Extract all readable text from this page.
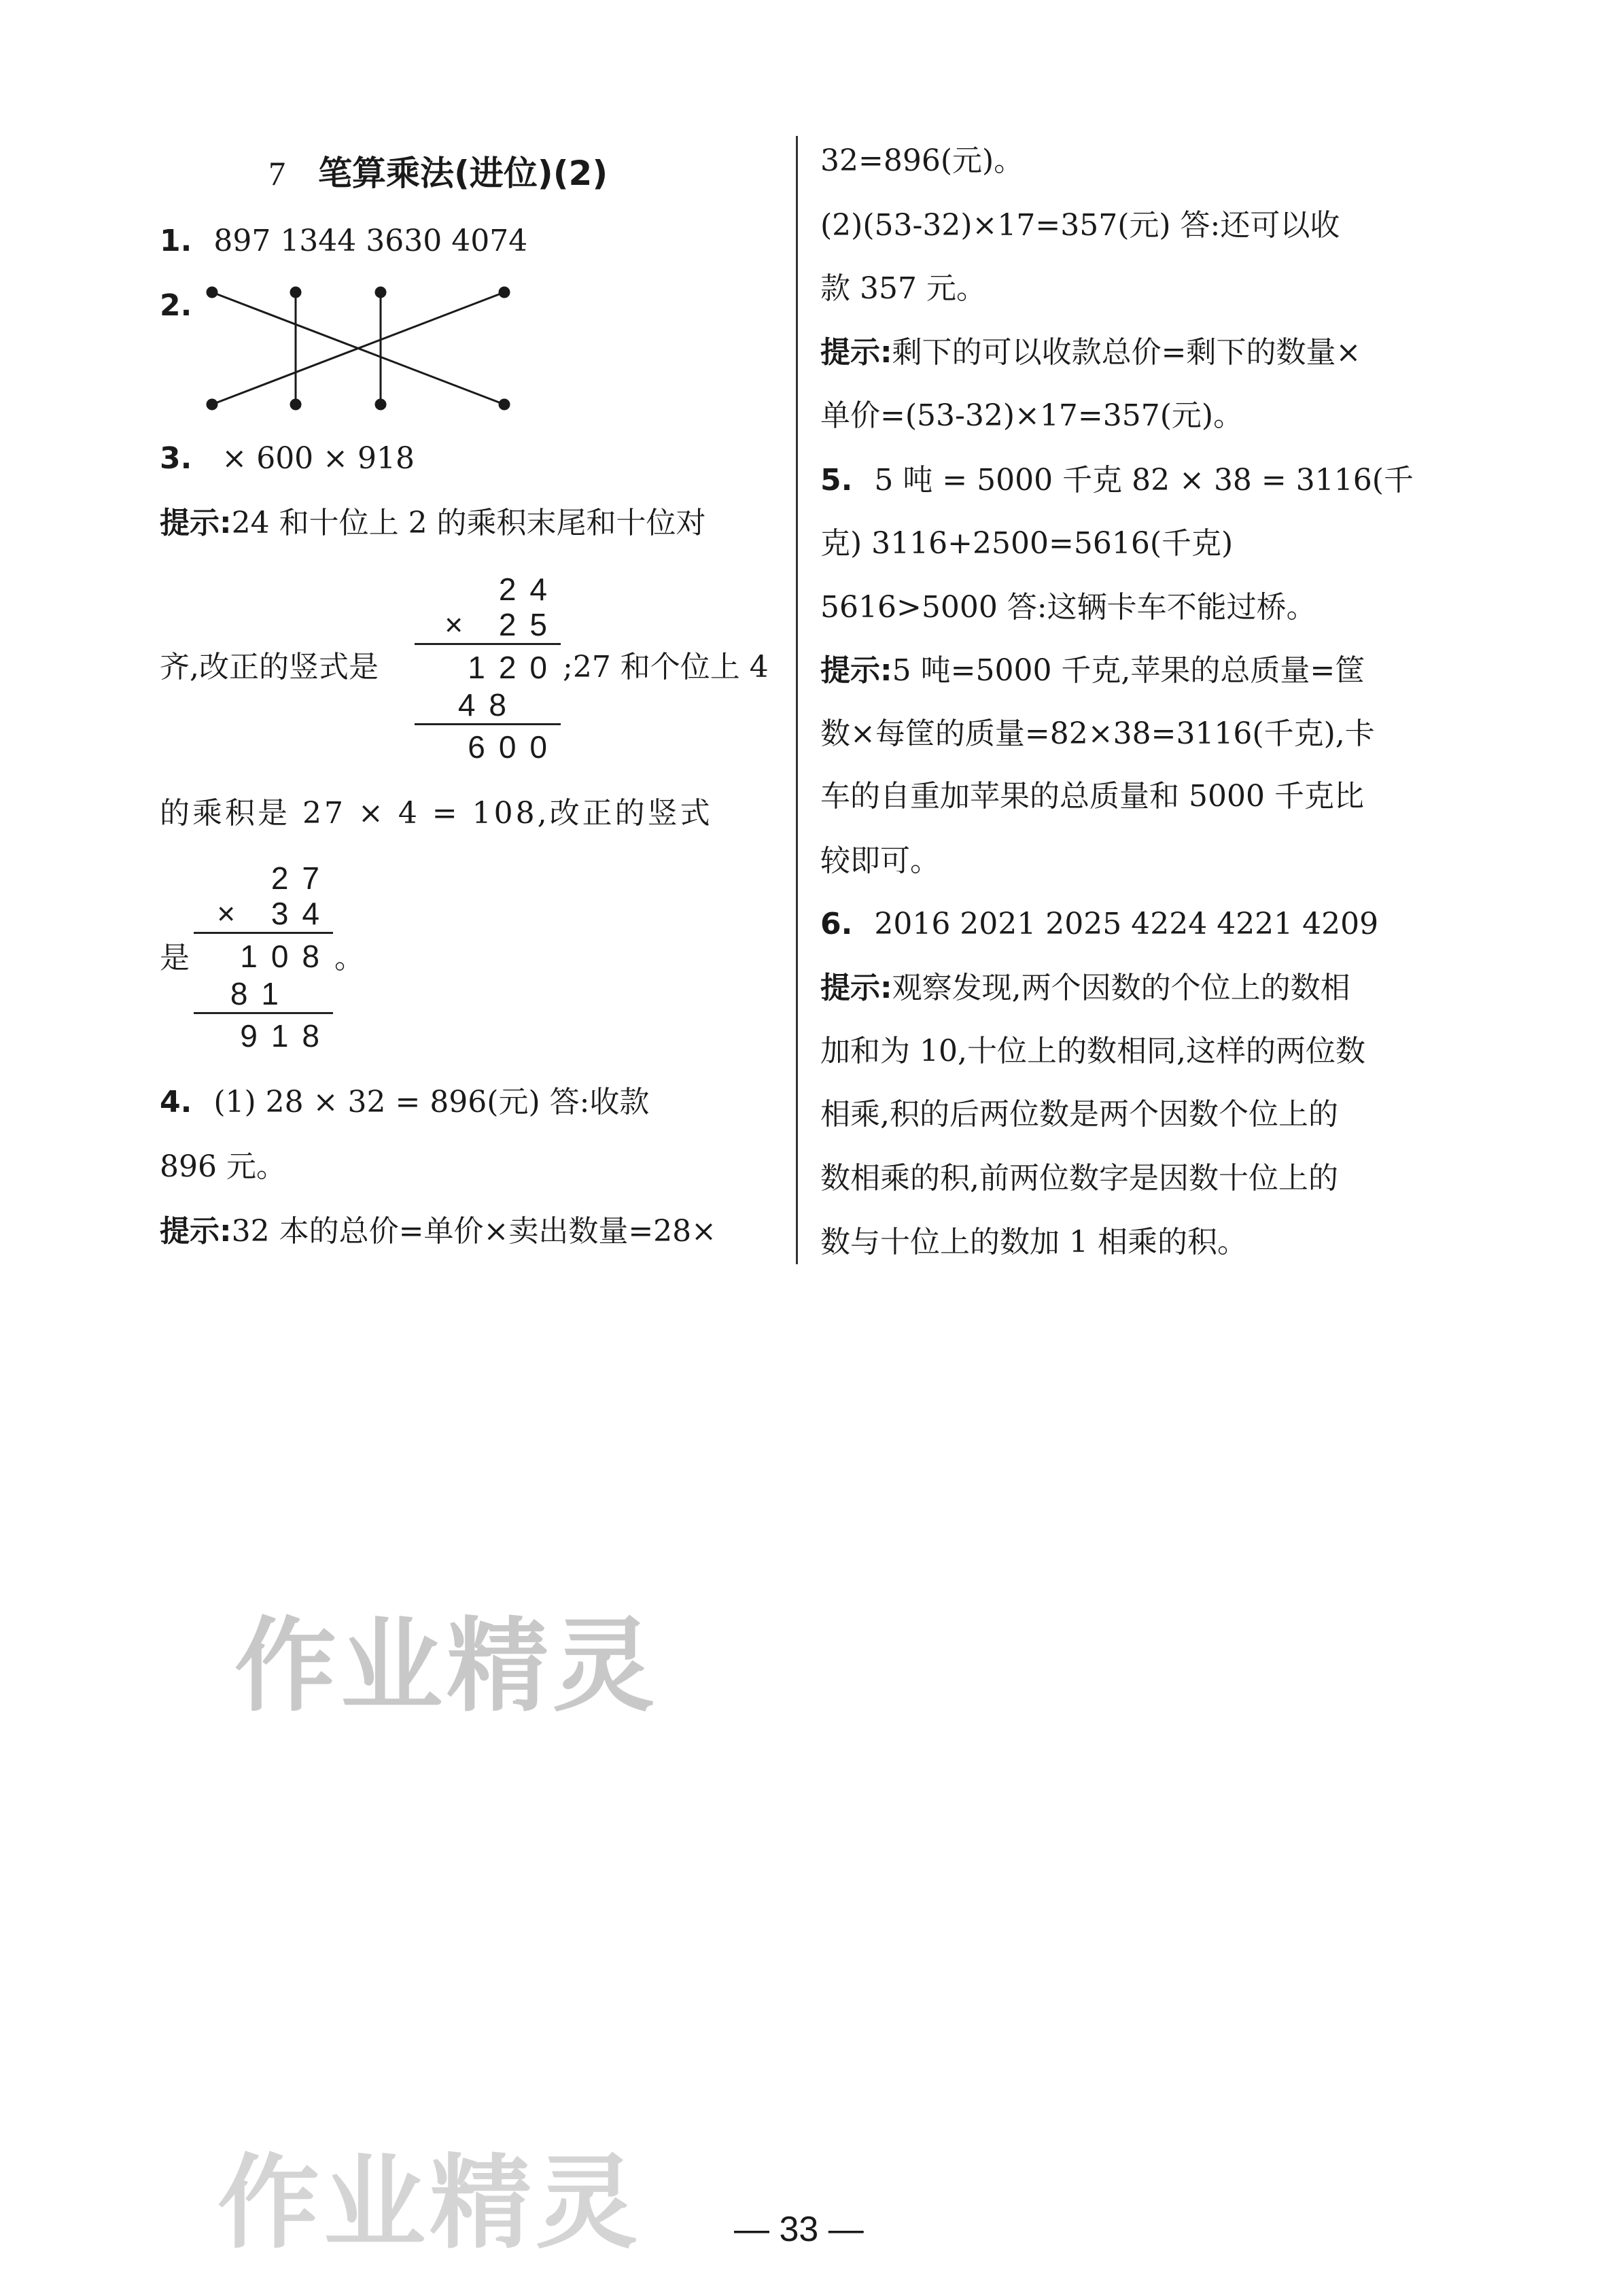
7 笔算乘法(进位)(2)
1. 897 1344 3630 4074
2.
3. × 600 × 918
提示:24 和十位上 2 的乘积末尾和十位对
24
× 25
120
48
600
齐,改正的竖式是	;27 和个位上 4
的乘积是 27 × 4 = 108,改正的竖式
27
× 34
108
81
918
是	。
4. (1) 28 × 32 = 896(元) 答:收款
896 元。
提示:32 本的总价=单价×卖出数量=28×
32=896(元)。
(2)(53-32)×17=357(元) 答:还可以收
款 357 元。
提示:剩下的可以收款总价=剩下的数量×
单价=(53-32)×17=357(元)。
5. 5 吨 = 5000 千克 82 × 38 = 3116(千
克) 3116+2500=5616(千克)
5616>5000 答:这辆卡车不能过桥。
提示:5 吨=5000 千克,苹果的总质量=筐
数×每筐的质量=82×38=3116(千克),卡
车的自重加苹果的总质量和 5000 千克比
较即可。
6. 2016 2021 2025 4224 4221 4209
提示:观察发现,两个因数的个位上的数相
加和为 10,十位上的数相同,这样的两位数
相乘,积的后两位数是两个因数个位上的
数相乘的积,前两位数字是因数十位上的
数与十位上的数加 1 相乘的积。
作业精灵
作业精灵	— 33 —
